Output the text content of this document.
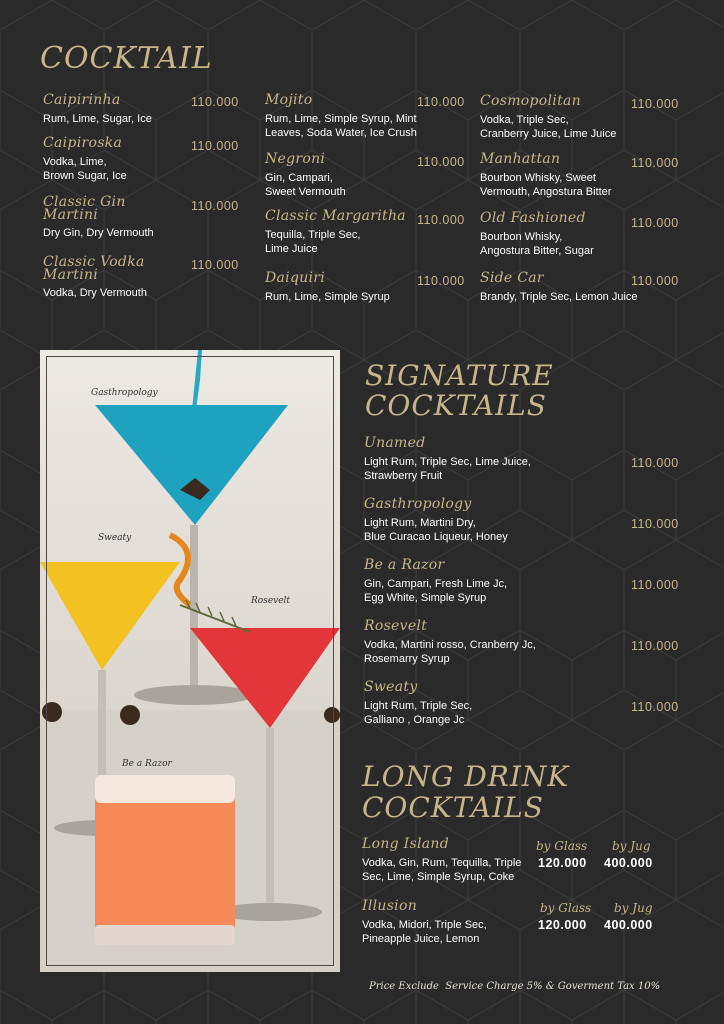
COCKTAIL
Caipirinha
Rum, Lime, Sugar, Ice
110.000
Caipiroska
Vodka, Lime,
Brown Sugar, Ice
110.000
Classic Gin
Martini
Dry Gin, Dry Vermouth
110.000
Classic Vodka
Martini
Vodka, Dry Vermouth
110.000
Mojito
Rum, Lime, Simple Syrup, Mint
Leaves, Soda Water, Ice Crush
110.000
Negroni
Gin, Campari,
Sweet Vermouth
110.000
Classic Margaritha
Tequilla, Triple Sec,
Lime Juice
110.000
Daiquiri
Rum, Lime, Simple Syrup
110.000
Cosmopolitan
Vodka, Triple Sec,
Cranberry Juice, Lime Juice
110.000
Manhattan
Bourbon Whisky, Sweet
Vermouth, Angostura Bitter
110.000
Old Fashioned
Bourbon Whisky,
Angostura Bitter, Sugar
110.000
Side Car
Brandy, Triple Sec, Lemon Juice
110.000
Gasthropology
Sweaty
Rosevelt
Be a Razor
SIGNATURE
COCKTAILS
Unamed
Light Rum, Triple Sec, Lime Juice,
Strawberry Fruit
110.000
Gasthropology
Light Rum, Martini Dry,
Blue Curacao Liqueur, Honey
110.000
Be a Razor
Gin, Campari, Fresh Lime Jc,
Egg White, Simple Syrup
110.000
Rosevelt
Vodka, Martini rosso, Cranberry Jc,
Rosemarry Syrup
110.000
Sweaty
Light Rum, Triple Sec,
Galliano , Orange Jc
110.000
LONG DRINK
COCKTAILS
Long Island
Vodka, Gin, Rum, Tequilla, Triple
Sec, Lime, Simple Syrup, Coke
by Glass by Jug
120.000 400.000
Illusion
Vodka, Midori, Triple Sec,
Pineapple Juice, Lemon
by Glass by Jug
120.000 400.000
Price Exclude  Service Charge 5% & Goverment Tax 10%
